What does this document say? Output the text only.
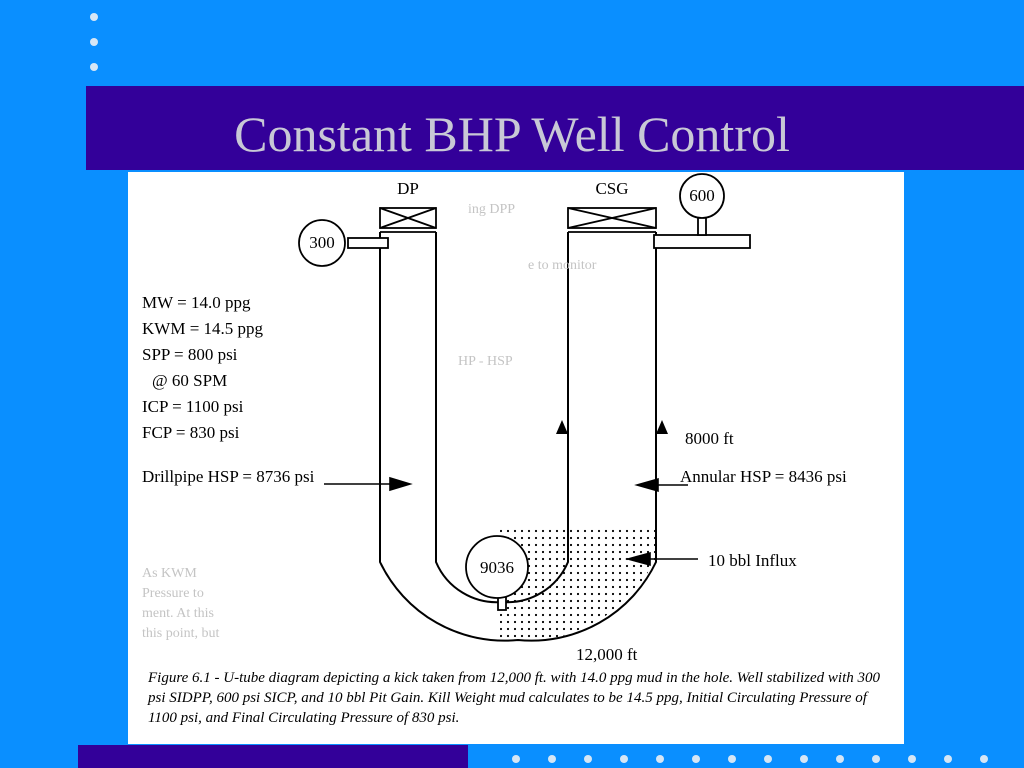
Constant BHP Well Control
ing DPP
e to monitor
HP - HSP
As KWM
Pressure to
ment. At this
this point, but
DP	CSG
300
600
9036
MW = 14.0 ppg
KWM = 14.5 ppg
SPP = 800 psi
@ 60 SPM
ICP = 1100 psi
FCP = 830 psi	8000 ft
Drillpipe HSP = 8736 psi	Annular HSP = 8436 psi
10 bbl Influx
12,000 ft
Figure 6.1 - U-tube diagram depicting a kick taken from 12,000 ft. with 14.0 ppg mud in the hole. Well stabilized with 300 psi SIDPP, 600 psi SICP, and 10 bbl Pit Gain. Kill Weight mud calculates to be 14.5 ppg, Initial Circulating Pressure of 1100 psi, and Final Circulating Pressure of 830 psi.
